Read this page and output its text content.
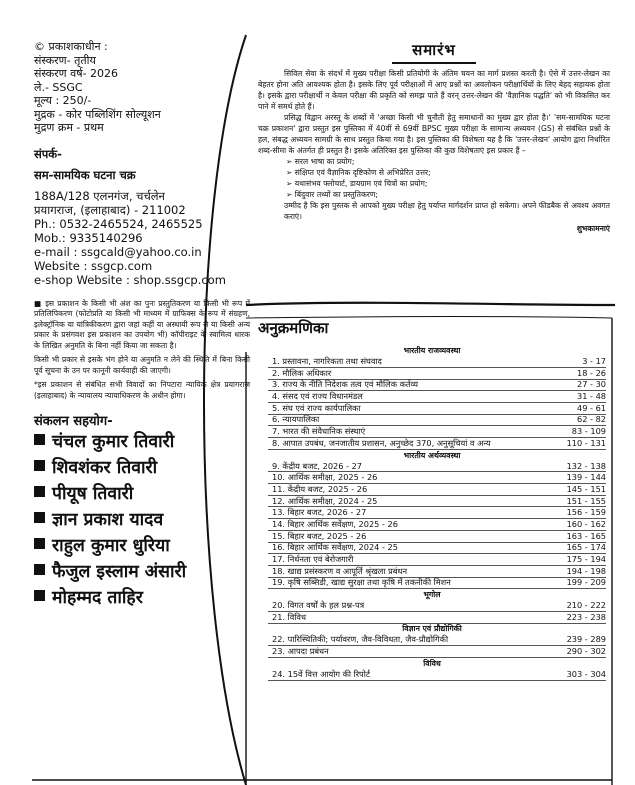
© प्रकाशकाधीन :
संस्करण- तृतीय
संस्करण वर्ष- 2026
ले.- SSGC
मूल्य : 250/-
मुद्रक - कोर पब्लिशिंग सोल्यूशन
मुद्रण क्रम - प्रथम
संपर्क-
सम-सामयिक घटना चक्र
188A/128 एलनगंज, चर्चलेन
प्रयागराज, (इलाहाबाद) - 211002
Ph.: 0532-2465524, 2465525
Mob.: 9335140296
e-mail : ssgcald@yahoo.co.in
Website : ssgcp.com
e-shop Website : shop.ssgcp.com

■ इस प्रकाशन के किसी भी अंश का पुनः प्रस्तुतिकरण या किसी भी रूप में प्रतिलिपिकरण (फोटोप्रति या किसी भी माध्यम में ग्राफिक्स के रूप में संग्रहण, इलेक्ट्रॉनिक या यांत्रिकीकरण द्वारा जहां कहीं या अस्थायी रूप से या किसी अन्य प्रकार के प्रसंगवश इस प्रकाशन का उपयोग भी) कॉपीराइट के स्वामित्व धारक के लिखित अनुमति के बिना नहीं किया जा सकता है।

किसी भी प्रकार से इसके भंग होने या अनुमति न लेने की स्थिति में बिना किसी पूर्व सूचना के उन पर कानूनी कार्यवाही की जाएगी।

*इस प्रकाशन से संबंधित सभी विवादों का निपटारा न्यायिक क्षेत्र प्रयागराज (इलाहाबाद) के न्यायालय न्यायाधिकरण के अधीन होगा।

संकलन सहयोग-
चंचल कुमार तिवारी
शिवशंकर तिवारी
पीयूष तिवारी
ज्ञान प्रकाश यादव
राहुल कुमार धुरिया
फैजुल इस्लाम अंसारी
मोहम्मद ताहिर
समारंभ

सिविल सेवा के संदर्भ में मुख्य परीक्षा किसी प्रतियोगी के अंतिम चयन का मार्ग प्रशस्त करती है। ऐसे में उत्तर-लेखन का बेहतर होना अति आवश्यक होता है। इसके लिए पूर्व परीक्षाओं में आए प्रश्नों का अवलोकन परीक्षार्थियों के लिए बेहद सहायक होता है। इसके द्वारा परीक्षार्थी न केवल परीक्षा की प्रकृति को समझ पाते हैं वरन् उत्तर-लेखन की 'वैज्ञानिक पद्धति' को भी विकसित कर पाने में समर्थ होते हैं।

प्रसिद्ध विद्वान अरस्तू के शब्दों में 'अच्छा किसी भी चुनौती हेतु समाधानों का मुख्य द्वार होता है।' 'सम-सामयिक घटना चक्र प्रकाशन' द्वारा प्रस्तुत इस पुस्तिका में 40वीं से 69वीं BPSC मुख्य परीक्षा के सामान्य अध्ययन (GS) से संबंधित प्रश्नों के हल, संबद्ध अध्ययन सामग्री के साथ प्रस्तुत किया गया है। इस पुस्तिका की विशेषता यह है कि 'उत्तर-लेखन' आयोग द्वारा निर्धारित शब्द-सीमा के अंतर्गत ही प्रस्तुत है। इसके अतिरिक्त इस पुस्तिका की कुछ विशेषताएं इस प्रकार हैं –

➢ सरल भाषा का प्रयोग;
➢ संक्षिप्त एवं वैज्ञानिक दृष्टिकोण से अभिप्रेरित उत्तर;
➢ यथासंभव फ्लोचार्ट, डायग्राम एवं चित्रों का प्रयोग;
➢ बिंदुवार तथ्यों का प्रस्तुतिकरण;

उम्मीद है कि इस पुस्तक से आपको मुख्य परीक्षा हेतु पर्याप्त मार्गदर्शन प्राप्त हो सकेगा। अपने फीडबैक से अवश्य अवगत कराएं।

शुभकामनाएं
अनुक्रमणिका
भारतीय राजव्यवस्था
1. प्रस्तावना, नागरिकता तथा संघवाद	3 - 17
2. मौलिक अधिकार	18 - 26
3. राज्य के नीति निदेशक तत्व एवं मौलिक कर्तव्य	27 - 30
4. संसद एवं राज्य विधानमंडल	31 - 48
5. संघ एवं राज्य कार्यपालिका	49 - 61
6. न्यायपालिका	62 - 82
7. भारत की संवैधानिक संस्थाएं	83 - 109
8. आपात उपबंध, जनजातीय प्रशासन, अनुच्छेद 370, अनुसूचियां व अन्य	110 - 131
भारतीय अर्थव्यवस्था
9. केंद्रीय बजट, 2026 - 27	132 - 138
10. आर्थिक समीक्षा, 2025 - 26	139 - 144
11. केंद्रीय बजट, 2025 - 26	145 - 151
12. आर्थिक समीक्षा, 2024 - 25	151 - 155
13. बिहार बजट, 2026 - 27	156 - 159
14. बिहार आर्थिक सर्वेक्षण, 2025 - 26	160 - 162
15. बिहार बजट, 2025 - 26	163 - 165
16. बिहार आर्थिक सर्वेक्षण, 2024 - 25	165 - 174
17. निर्धनता एवं बेरोजगारी	175 - 194
18. खाद्य प्रसंस्करण व आपूर्ति श्रृंखला प्रबंधन	194 - 198
19. कृषि सब्सिडी, खाद्य सुरक्षा तथा कृषि में तकनीकी मिशन	199 - 209
भूगोल
20. विगत वर्षों के हल प्रश्न-पत्र	210 - 222
21. विविध	223 - 238
विज्ञान एवं प्रौद्योगिकी
22. पारिस्थितिकी; पर्यावरण, जैव-विविधता, जैव-प्रौद्योगिकी	239 - 289
23. आपदा प्रबंधन	290 - 302
विविध
24. 15वें वित्त आयोग की रिपोर्ट	303 - 304
